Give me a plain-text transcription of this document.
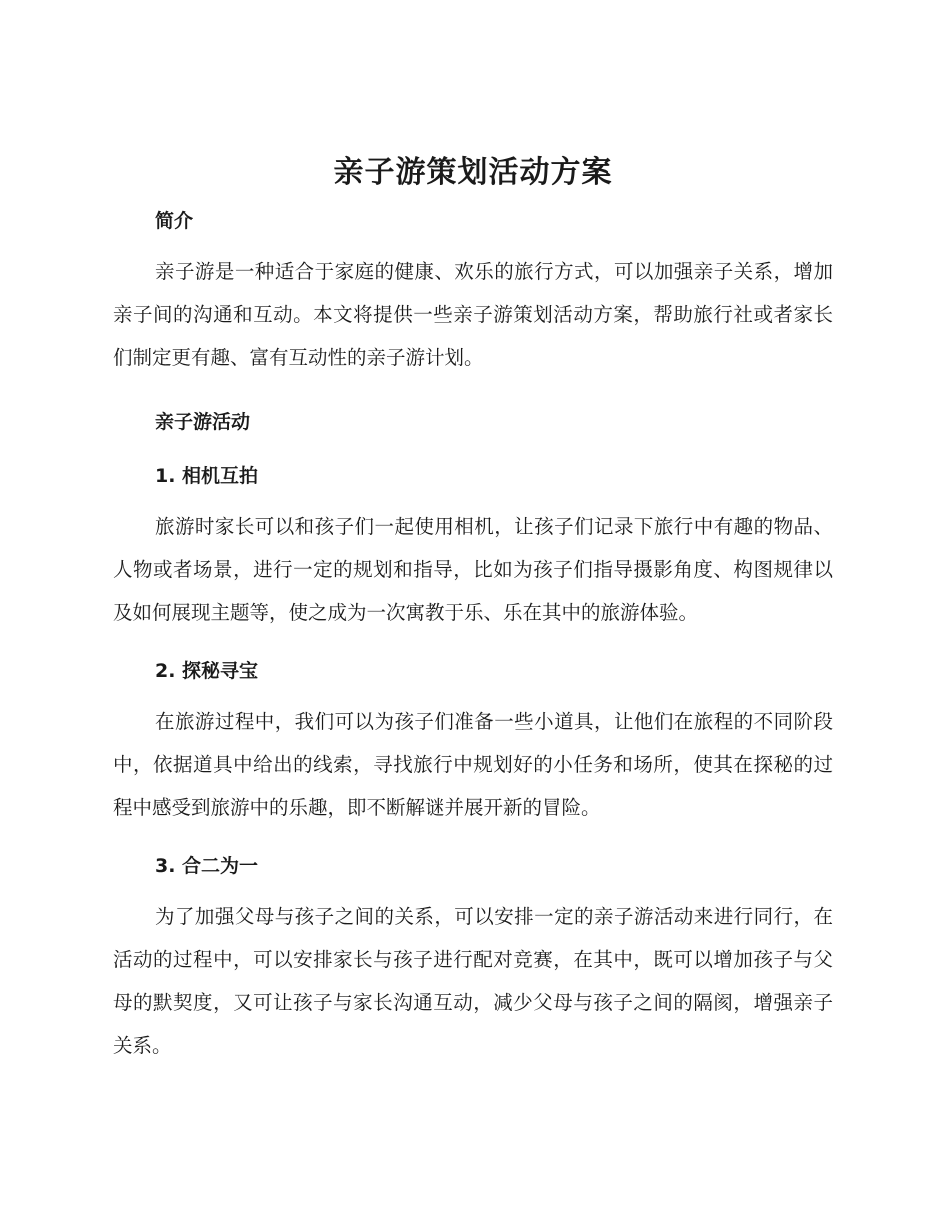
亲子游策划活动方案
简介

亲子游是一种适合于家庭的健康、欢乐的旅行方式，可以加强亲子关系，增加亲子间的沟通和互动。本文将提供一些亲子游策划活动方案，帮助旅行社或者家长们制定更有趣、富有互动性的亲子游计划。

亲子游活动
1. 相机互拍

旅游时家长可以和孩子们一起使用相机，让孩子们记录下旅行中有趣的物品、人物或者场景，进行一定的规划和指导，比如为孩子们指导摄影角度、构图规律以及如何展现主题等，使之成为一次寓教于乐、乐在其中的旅游体验。

2. 探秘寻宝

在旅游过程中，我们可以为孩子们准备一些小道具，让他们在旅程的不同阶段中，依据道具中给出的线索，寻找旅行中规划好的小任务和场所，使其在探秘的过程中感受到旅游中的乐趣，即不断解谜并展开新的冒险。

3. 合二为一

为了加强父母与孩子之间的关系，可以安排一定的亲子游活动来进行同行，在活动的过程中，可以安排家长与孩子进行配对竞赛，在其中，既可以增加孩子与父母的默契度，又可让孩子与家长沟通互动，减少父母与孩子之间的隔阂，增强亲子关系。
